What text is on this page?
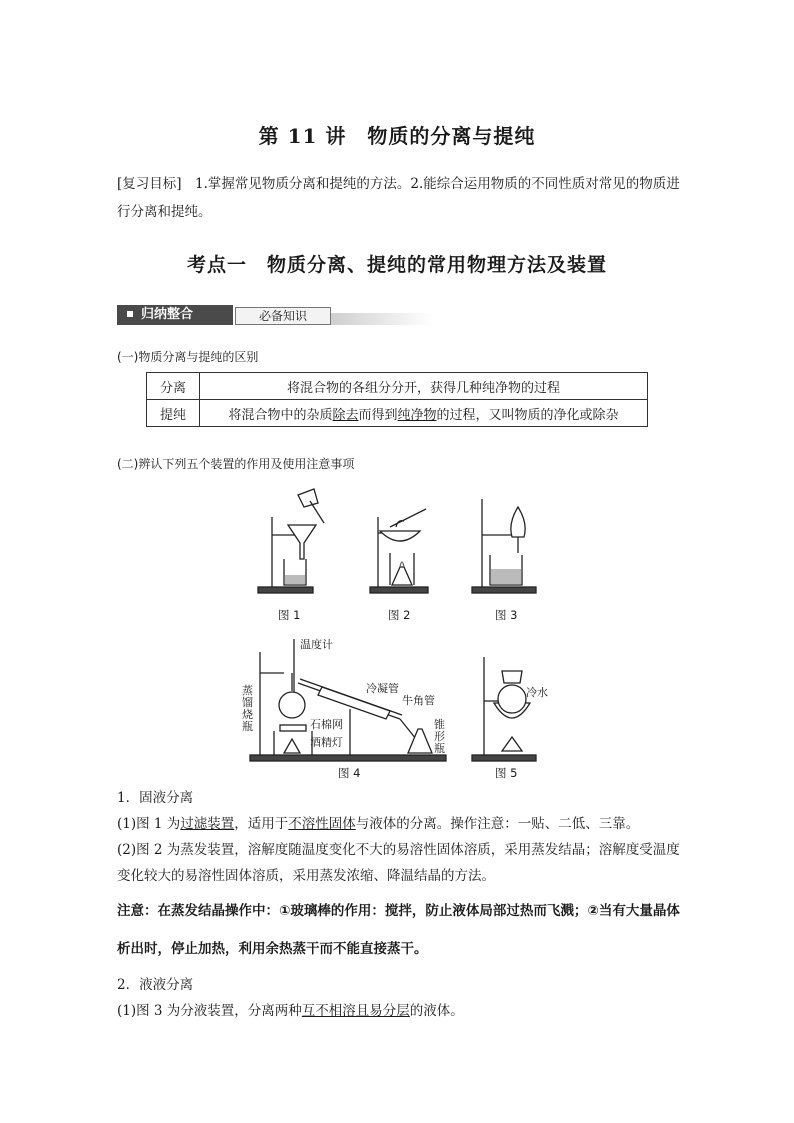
第 11 讲　物质的分离与提纯
[复习目标]　 1.掌握常见物质分离和提纯的方法。2.能综合运用物质的不同性质对常见的物质进行分离和提纯。
考点一　物质分离、提纯的常用物理方法及装置
归纳整合	必备知识
(一)物质分离与提纯的区别
分离	将混合物的各组分分开，获得几种纯净物的过程
提纯	将混合物中的杂质除去而得到纯净物的过程，又叫物质的净化或除杂
(二)辨认下列五个装置的作用及使用注意事项
图 1	图 2	图 3
图 4	图 5
温度计
冷凝管
牛角管
蒸馏烧瓶	石棉网
酒精灯
锥形瓶
冷水
1．固液分离
(1)图 1 为过滤装置，适用于不溶性固体与液体的分离。操作注意：一贴、二低、三靠。
(2)图 2 为蒸发装置，溶解度随温度变化不大的易溶性固体溶质，采用蒸发结晶；溶解度受温度变化较大的易溶性固体溶质，采用蒸发浓缩、降温结晶的方法。
注意：在蒸发结晶操作中：①玻璃棒的作用：搅拌，防止液体局部过热而飞溅；②当有大量晶体析出时，停止加热，利用余热蒸干而不能直接蒸干。
2．液液分离
(1)图 3 为分液装置，分离两种互不相溶且易分层的液体。
